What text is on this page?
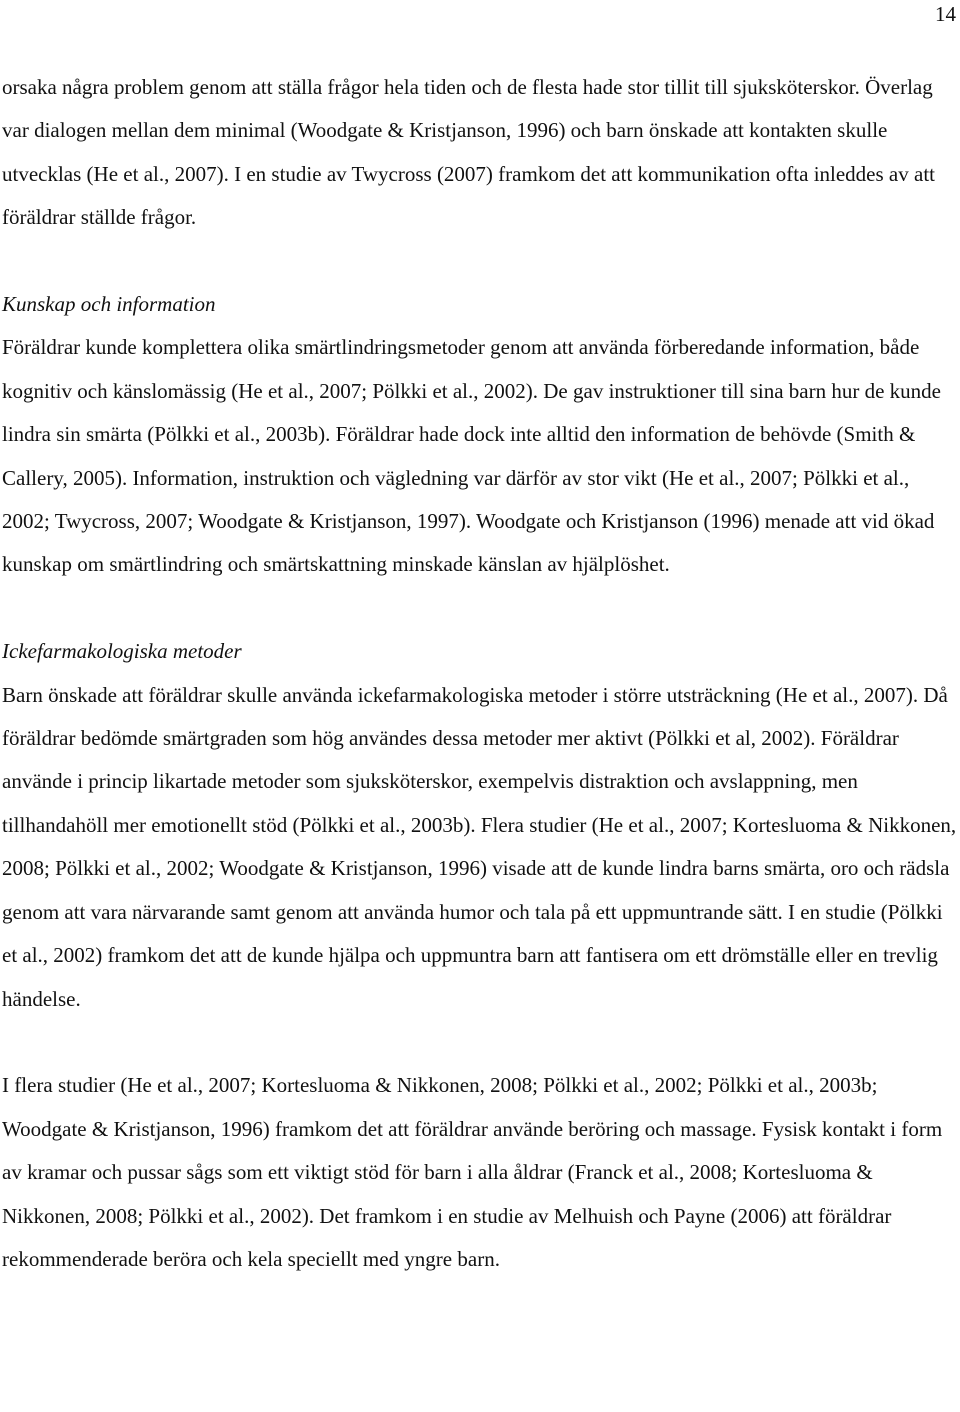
14

orsaka några problem genom att ställa frågor hela tiden och de flesta hade stor tillit till sjuksköterskor. Överlag var dialogen mellan dem minimal (Woodgate & Kristjanson, 1996) och barn önskade att kontakten skulle utvecklas (He et al., 2007). I en studie av Twycross (2007) framkom det att kommunikation ofta inleddes av att föräldrar ställde frågor.

Kunskap och information

Föräldrar kunde komplettera olika smärtlindringsmetoder genom att använda förberedande information, både kognitiv och känslomässig (He et al., 2007; Pölkki et al., 2002). De gav instruktioner till sina barn hur de kunde lindra sin smärta (Pölkki et al., 2003b). Föräldrar hade dock inte alltid den information de behövde (Smith & Callery, 2005). Information, instruktion och vägledning var därför av stor vikt (He et al., 2007; Pölkki et al., 2002; Twycross, 2007; Woodgate & Kristjanson, 1997). Woodgate och Kristjanson (1996) menade att vid ökad kunskap om smärtlindring och smärtskattning minskade känslan av hjälplöshet.

Ickefarmakologiska metoder

Barn önskade att föräldrar skulle använda ickefarmakologiska metoder i större utsträckning (He et al., 2007). Då föräldrar bedömde smärtgraden som hög användes dessa metoder mer aktivt (Pölkki et al, 2002). Föräldrar använde i princip likartade metoder som sjuksköterskor, exempelvis distraktion och avslappning, men tillhandahöll mer emotionellt stöd (Pölkki et al., 2003b). Flera studier (He et al., 2007; Kortesluoma & Nikkonen, 2008; Pölkki et al., 2002; Woodgate & Kristjanson, 1996) visade att de kunde lindra barns smärta, oro och rädsla genom att vara närvarande samt genom att använda humor och tala på ett uppmuntrande sätt. I en studie (Pölkki et al., 2002) framkom det att de kunde hjälpa och uppmuntra barn att fantisera om ett drömställe eller en trevlig händelse.

I flera studier (He et al., 2007; Kortesluoma & Nikkonen, 2008; Pölkki et al., 2002; Pölkki et al., 2003b; Woodgate & Kristjanson, 1996) framkom det att föräldrar använde beröring och massage. Fysisk kontakt i form av kramar och pussar sågs som ett viktigt stöd för barn i alla åldrar (Franck et al., 2008; Kortesluoma & Nikkonen, 2008; Pölkki et al., 2002). Det framkom i en studie av Melhuish och Payne (2006) att föräldrar rekommenderade beröra och kela speciellt med yngre barn.
